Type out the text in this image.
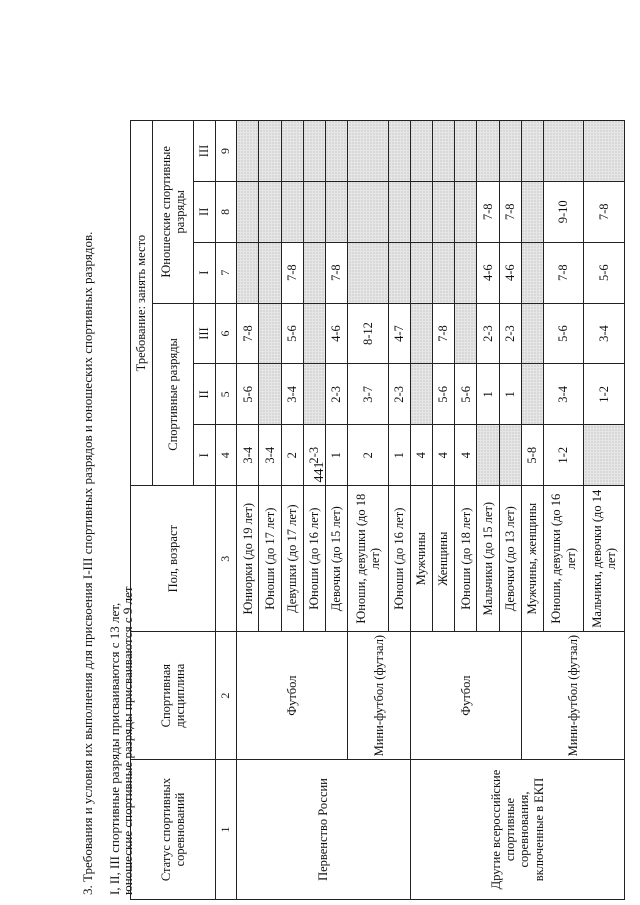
441
3. Требования и условия их выполнения для присвоения I-III спортивных разрядов и юношеских спортивных разрядов. I, II, III спортивные разряды присваиваются с 13 лет,
юношеские спортивные разряды присваиваются с 9 лет Статус спортивных соревнований	Спортивная дисциплина	Пол, возраст	Требование: занять место					
			Спортивные разряды			Юношеские спортивные разряды		
			I	II	III	I	II	III
1	2	3	4	5	6	7	8	9
Первенство России	Футбол	Юниорки (до 19 лет)	3-4	5-6	7-8			
		Юноши (до 17 лет)	3-4					
		Девушки (до 17 лет)	2	3-4	5-6	7-8		
		Юноши (до 16 лет)	2-3					
		Девочки (до 15 лет)	1	2-3	4-6	7-8		
	Мини-футбол (футзал)	Юноши, девушки (до 18 лет)	2	3-7	8-12			
		Юноши (до 16 лет)	1	2-3	4-7			
Другие всероссийские спортивные соревнования, включенные в ЕКП	Футбол	Мужчины	4					
		Женщины	4	5-6	7-8			
		Юноши (до 18 лет)	4	5-6				
		Мальчики (до 15 лет)		1	2-3	4-6	7-8	
		Девочки (до 13 лет)		1	2-3	4-6	7-8	
	Мини-футбол (футзал)	Мужчины, женщины	5-8					
		Юноши, девушки (до 16 лет)	1-2	3-4	5-6	7-8	9-10	
		Мальчики, девочки (до 14 лет)		1-2	3-4	5-6	7-8	
